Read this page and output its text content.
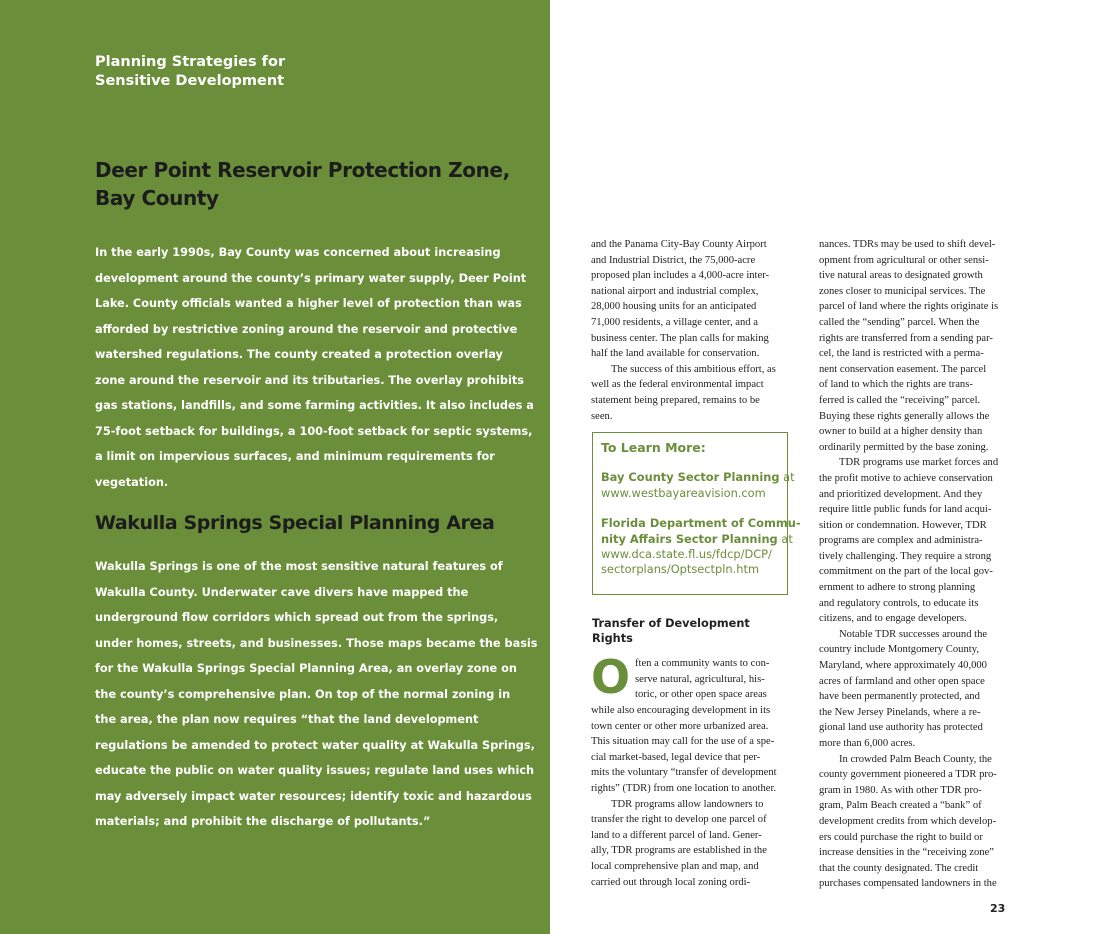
Planning Strategies for
Sensitive Development
Deer Point Reservoir Protection Zone,
Bay County
In the early 1990s, Bay County was concerned about increasing
development around the county’s primary water supply, Deer Point
Lake. County officials wanted a higher level of protection than was
afforded by restrictive zoning around the reservoir and protective
watershed regulations. The county created a protection overlay
zone around the reservoir and its tributaries. The overlay prohibits
gas stations, landfills, and some farming activities. It also includes a
75-foot setback for buildings, a 100-foot setback for septic systems,
a limit on impervious surfaces, and minimum requirements for
vegetation.
Wakulla Springs Special Planning Area
Wakulla Springs is one of the most sensitive natural features of
Wakulla County. Underwater cave divers have mapped the
underground flow corridors which spread out from the springs,
under homes, streets, and businesses. Those maps became the basis
for the Wakulla Springs Special Planning Area, an overlay zone on
the county’s comprehensive plan. On top of the normal zoning in
the area, the plan now requires “that the land development
regulations be amended to protect water quality at Wakulla Springs,
educate the public on water quality issues; regulate land uses which
may adversely impact water resources; identify toxic and hazardous
materials; and prohibit the discharge of pollutants.”
and the Panama City-Bay County Airport
and Industrial District, the 75,000-acre
proposed plan includes a 4,000-acre inter-
national airport and industrial complex,
28,000 housing units for an anticipated
71,000 residents, a village center, and a
business center. The plan calls for making
half the land available for conservation.
The success of this ambitious effort, as
well as the federal environmental impact
statement being prepared, remains to be
seen.
To Learn More:
Bay County Sector Planning at
www.westbayareavision.com
Florida Department of Commu-
nity Affairs Sector Planning at
www.dca.state.fl.us/fdcp/DCP/
sectorplans/Optsectpln.htm
Transfer of Development
Rights
O ften a community wants to con-
serve natural, agricultural, his-
toric, or other open space areas
while also encouraging development in its
town center or other more urbanized area.
This situation may call for the use of a spe-
cial market-based, legal device that per-
mits the voluntary “transfer of development
rights” (TDR) from one location to another.
TDR programs allow landowners to
transfer the right to develop one parcel of
land to a different parcel of land. Gener-
ally, TDR programs are established in the
local comprehensive plan and map, and
carried out through local zoning ordi-
nances. TDRs may be used to shift devel-
opment from agricultural or other sensi-
tive natural areas to designated growth
zones closer to municipal services. The
parcel of land where the rights originate is
called the “sending” parcel. When the
rights are transferred from a sending par-
cel, the land is restricted with a perma-
nent conservation easement. The parcel
of land to which the rights are trans-
ferred is called the “receiving” parcel.
Buying these rights generally allows the
owner to build at a higher density than
ordinarily permitted by the base zoning.
TDR programs use market forces and
the profit motive to achieve conservation
and prioritized development. And they
require little public funds for land acqui-
sition or condemnation. However, TDR
programs are complex and administra-
tively challenging. They require a strong
commitment on the part of the local gov-
ernment to adhere to strong planning
and regulatory controls, to educate its
citizens, and to engage developers.
Notable TDR successes around the
country include Montgomery County,
Maryland, where approximately 40,000
acres of farmland and other open space
have been permanently protected, and
the New Jersey Pinelands, where a re-
gional land use authority has protected
more than 6,000 acres.
In crowded Palm Beach County, the
county government pioneered a TDR pro-
gram in 1980. As with other TDR pro-
gram, Palm Beach created a “bank” of
development credits from which develop-
ers could purchase the right to build or
increase densities in the “receiving zone”
that the county designated. The credit
purchases compensated landowners in the
23
